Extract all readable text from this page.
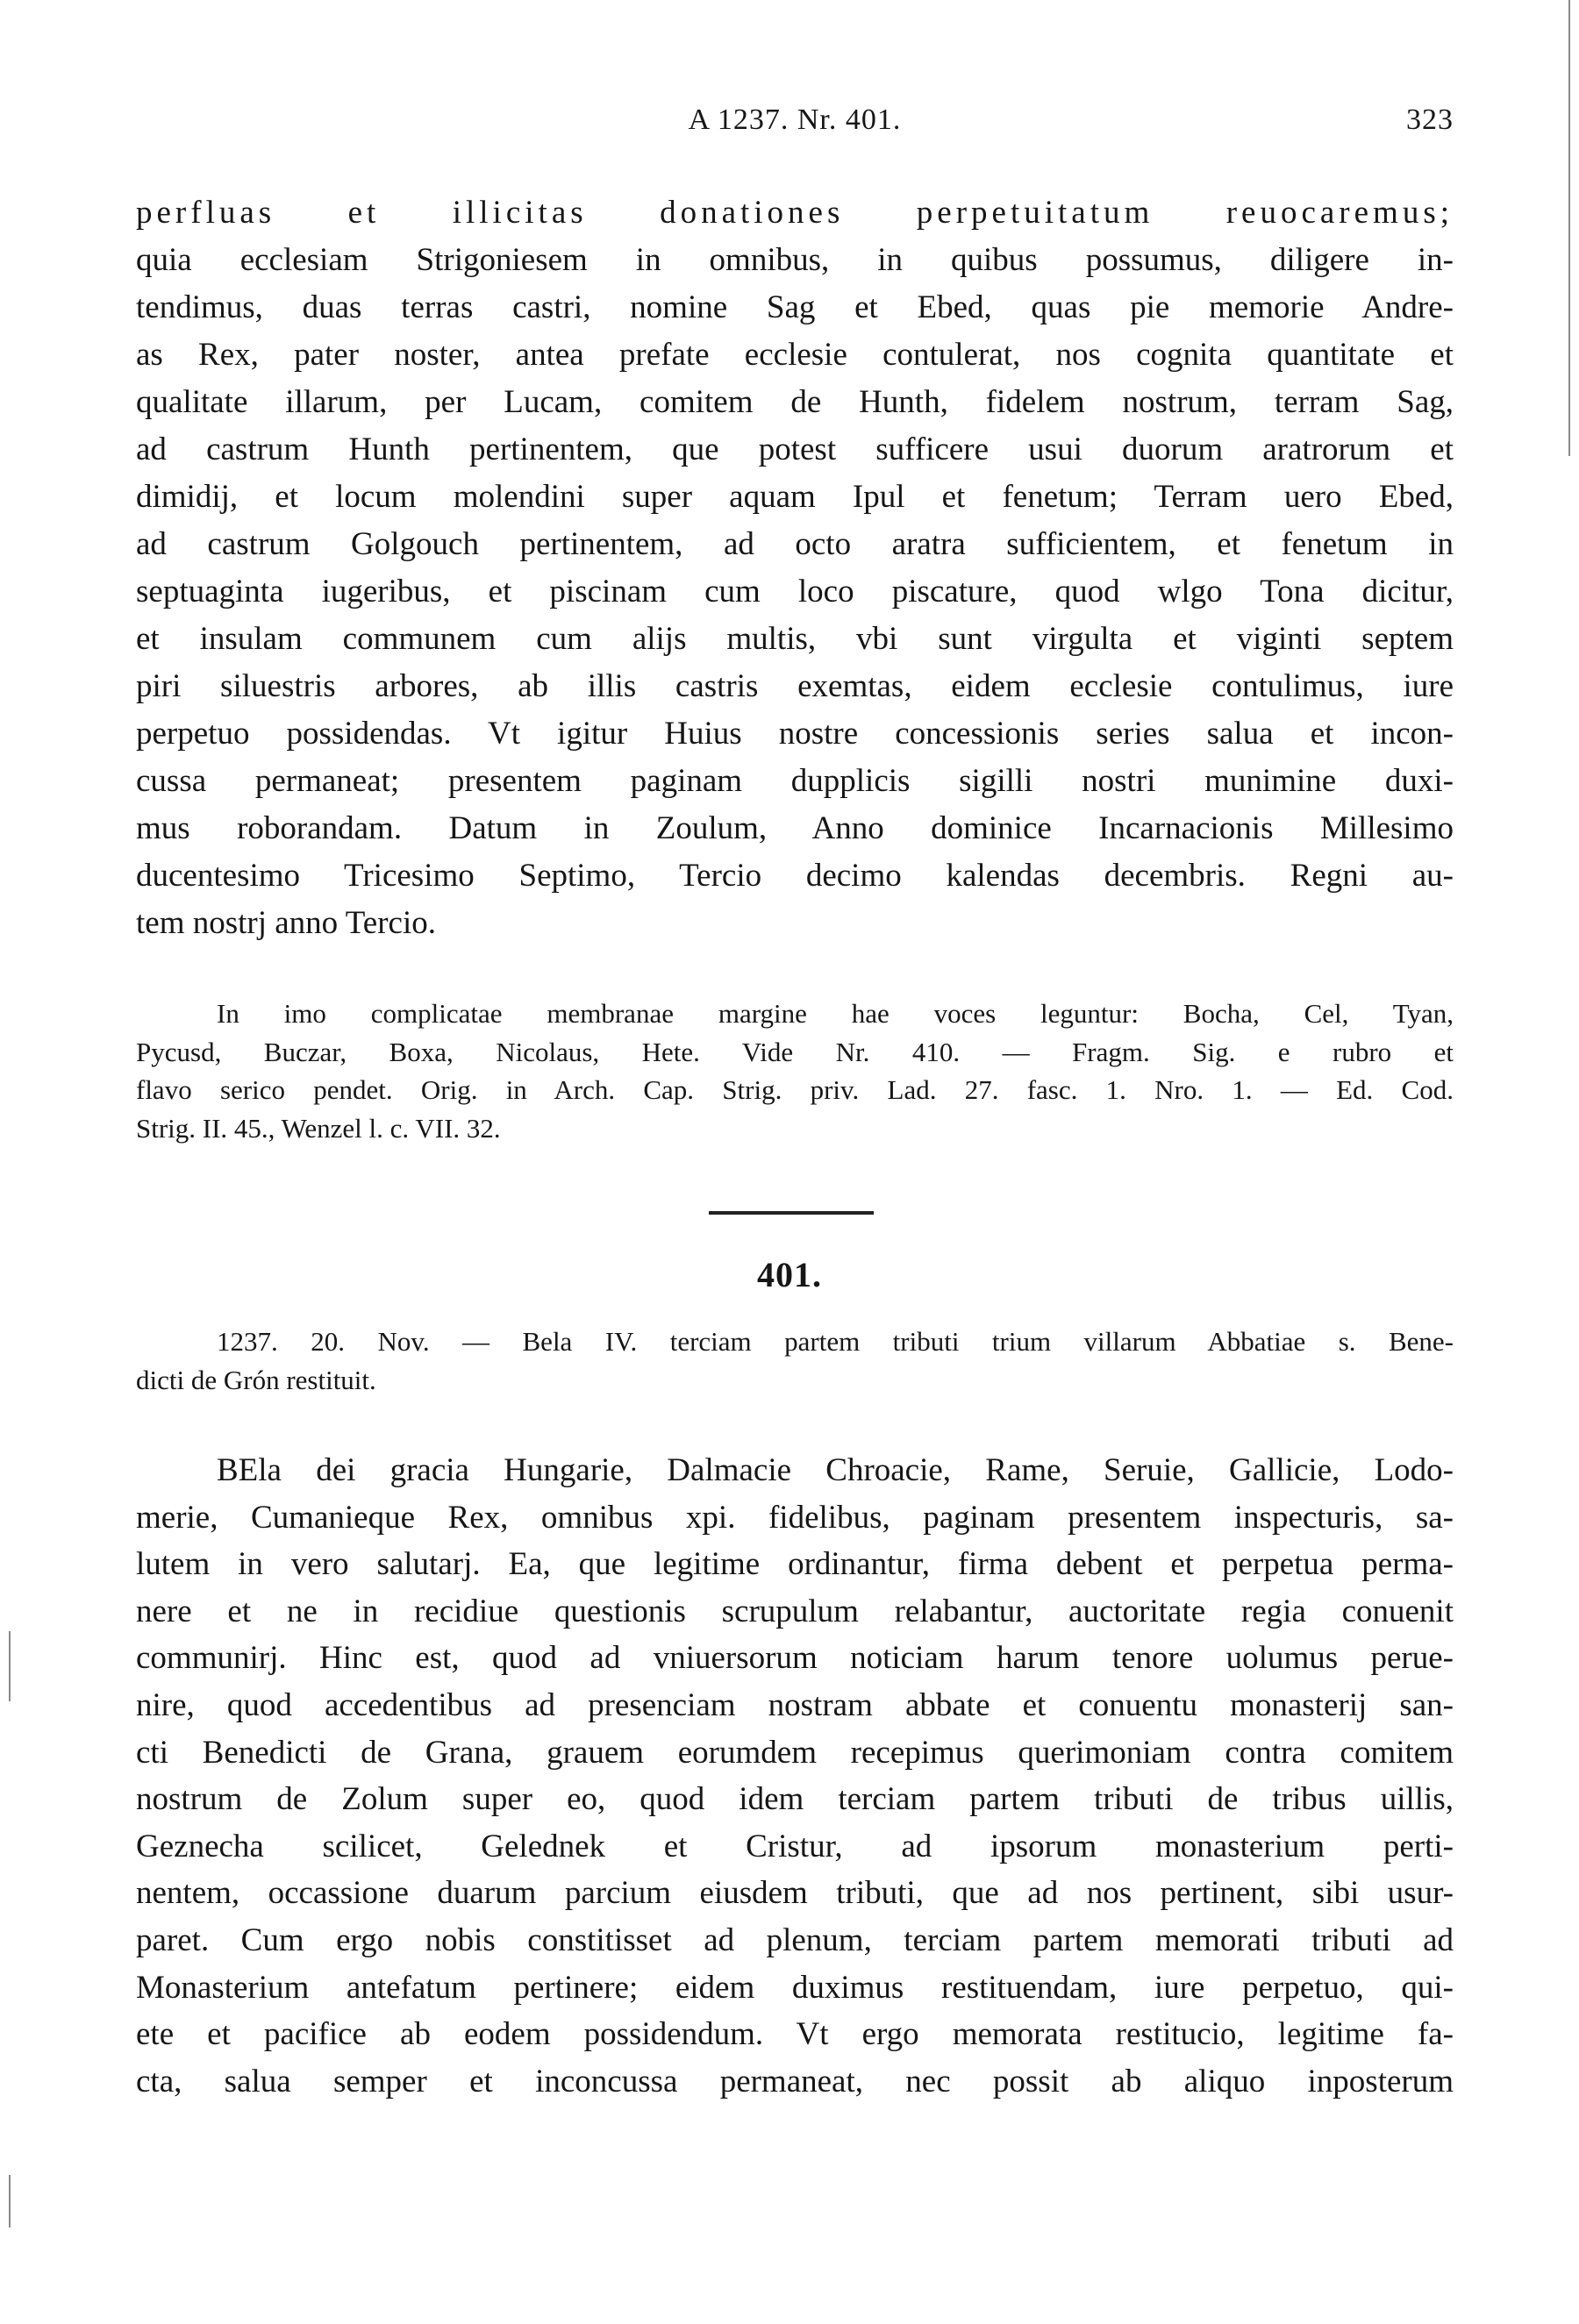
A 1237. Nr. 401.	323
perfluas et illicitas donationes perpetuitatum reuocaremus;
quia ecclesiam Strigoniesem in omnibus, in quibus possumus, diligere in-
tendimus, duas terras castri, nomine Sag et Ebed, quas pie memorie Andre-
as Rex, pater noster, antea prefate ecclesie contulerat, nos cognita quantitate et
qualitate illarum, per Lucam, comitem de Hunth, fidelem nostrum, terram Sag,
ad castrum Hunth pertinentem, que potest sufficere usui duorum aratrorum et
dimidij, et locum molendini super aquam Ipul et fenetum; Terram uero Ebed,
ad castrum Golgouch pertinentem, ad octo aratra sufficientem, et fenetum in
septuaginta iugeribus, et piscinam cum loco piscature, quod wlgo Tona dicitur,
et insulam communem cum alijs multis, vbi sunt virgulta et viginti septem
piri siluestris arbores, ab illis castris exemtas, eidem ecclesie contulimus, iure
perpetuo possidendas. Vt igitur Huius nostre concessionis series salua et incon-
cussa permaneat; presentem paginam dupplicis sigilli nostri munimine duxi-
mus roborandam. Datum in Zoulum, Anno dominice Incarnacionis Millesimo
ducentesimo Tricesimo Septimo, Tercio decimo kalendas decembris. Regni au-
tem nostrj anno Tercio.
In imo complicatae membranae margine hae voces leguntur: Bocha, Cel, Tyan,
Pycusd, Buczar, Boxa, Nicolaus, Hete. Vide Nr. 410. — Fragm. Sig. e rubro et
flavo serico pendet. Orig. in Arch. Cap. Strig. priv. Lad. 27. fasc. 1. Nro. 1. — Ed. Cod.
Strig. II. 45., Wenzel l. c. VII. 32.
401.
1237. 20. Nov. — Bela IV. terciam partem tributi trium villarum Abbatiae s. Bene-
dicti de Grón restituit.
BEla dei gracia Hungarie, Dalmacie Chroacie, Rame, Seruie, Gallicie, Lodo-
merie, Cumanieque Rex, omnibus xpi. fidelibus, paginam presentem inspecturis, sa-
lutem in vero salutarj. Ea, que legitime ordinantur, firma debent et perpetua perma-
nere et ne in recidiue questionis scrupulum relabantur, auctoritate regia conuenit
communirj. Hinc est, quod ad vniuersorum noticiam harum tenore uolumus perue-
nire, quod accedentibus ad presenciam nostram abbate et conuentu monasterij san-
cti Benedicti de Grana, grauem eorumdem recepimus querimoniam contra comitem
nostrum de Zolum super eo, quod idem terciam partem tributi de tribus uillis,
Geznecha scilicet, Gelednek et Cristur, ad ipsorum monasterium perti-
nentem, occassione duarum parcium eiusdem tributi, que ad nos pertinent, sibi usur-
paret. Cum ergo nobis constitisset ad plenum, terciam partem memorati tributi ad
Monasterium antefatum pertinere; eidem duximus restituendam, iure perpetuo, qui-
ete et pacifice ab eodem possidendum. Vt ergo memorata restitucio, legitime fa-
cta, salua semper et inconcussa permaneat, nec possit ab aliquo inposterum
